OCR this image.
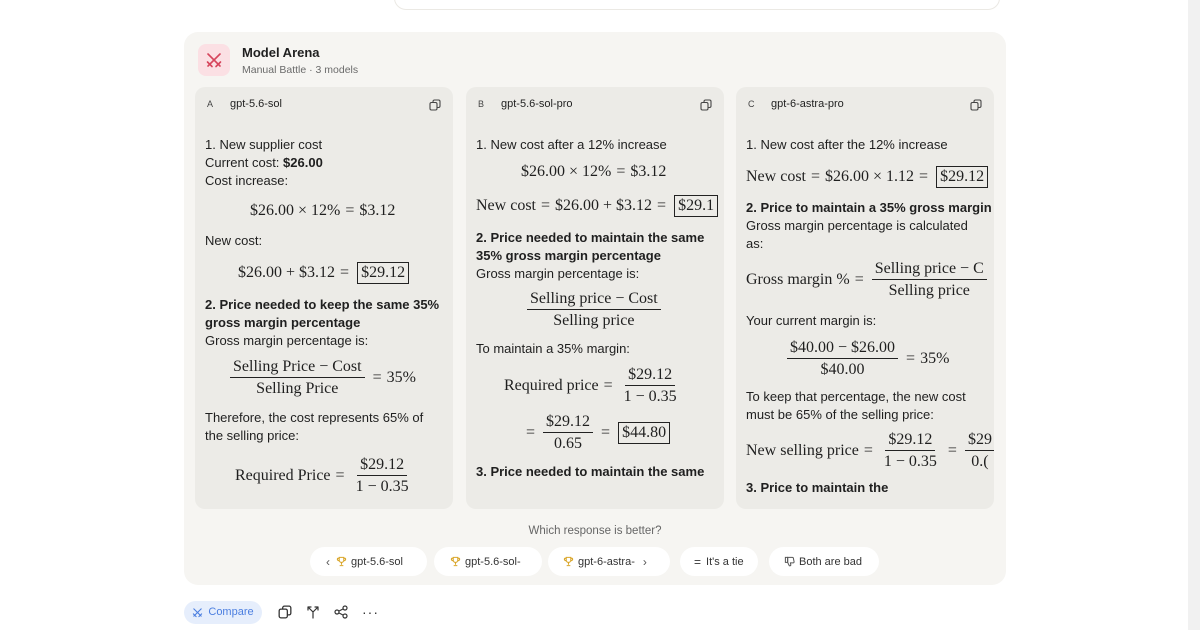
Model Arena
Manual Battle · 3 models
A gpt-5.6-sol
1. New supplier cost
Current cost: $26.00
Cost increase:
$26.00 × 12% = $3.12
New cost:
$26.00 + $3.12 = $29.12
2. Price needed to keep the same 35%
gross margin percentage
Gross margin percentage is:
$\frac{\text{Selling Price − Cost}}{\text{Selling Price}} = 35\%$
Therefore, the cost represents 65% of
the selling price:
Required Price = $\frac{\$29.12}{1 - 0.35}$
B gpt-5.6-sol-pro
1. New cost after a 12% increase
$26.00 × 12% = $3.12
New cost = $26.00 + $3.12 = $29.1
2. Price needed to maintain the same
35% gross margin percentage
Gross margin percentage is:
$\frac{\text{Selling price − Cost}}{\text{Selling price}}$
To maintain a 35% margin:
Required price = $\frac{\$29.12}{1 - 0.35}$
= $\frac{\$29.12}{0.65}$ = $44.80
3. Price needed to maintain the same
C gpt-6-astra-pro
1. New cost after the 12% increase
New cost = $26.00 × 1.12 = $29.12
2. Price to maintain a 35% gross margin
Gross margin percentage is calculated
as:
Gross margin % = $\frac{\text{Selling price − C}}{\text{Selling price}}$
Your current margin is:
$\frac{\$40.00 - \$26.00}{\$40.00} = 35\%$
To keep that percentage, the new cost
must be 65% of the selling price:
New selling price = $\frac{\$29.12}{1 - 0.35} = \frac{\$29}{0.(}$
3. Price to maintain the
Which response is better?
‹ gpt-5.6-sol	gpt-5.6-sol-	gpt-6-astra- ›	= It's a tie	Both are bad
Compare	···
